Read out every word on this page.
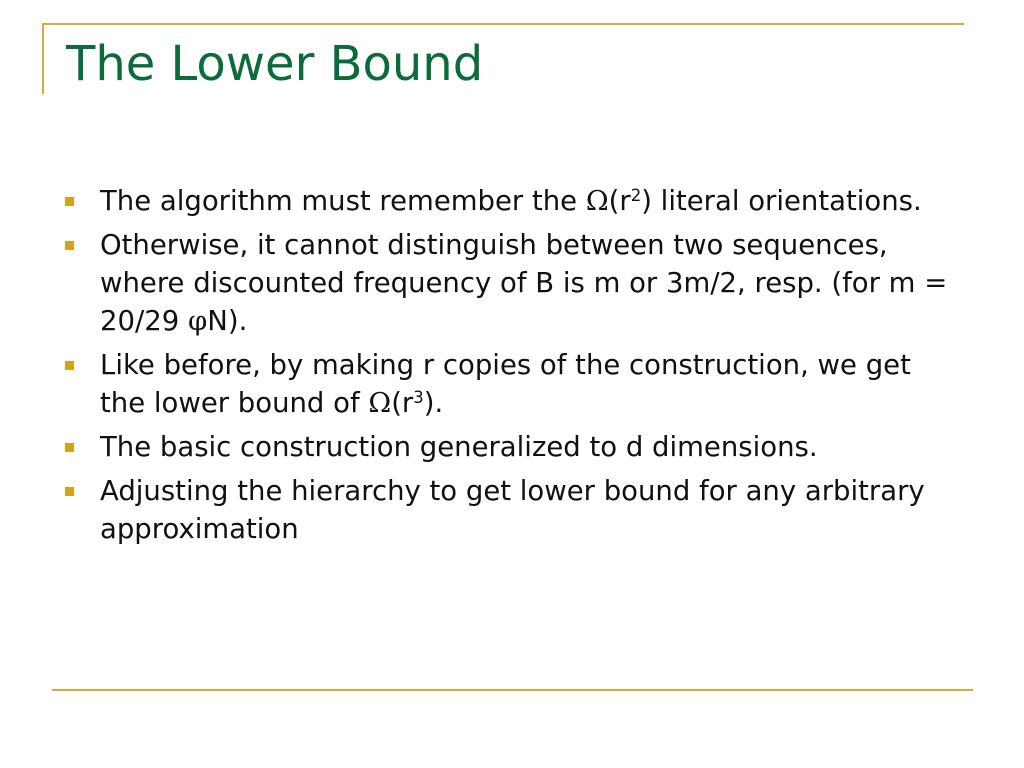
The Lower Bound
The algorithm must remember the $\Omega(r^2)$ literal orientations.
Otherwise, it cannot distinguish between two sequences, where discounted frequency of B is m or 3m/2, resp. (for m = 20/29 φN).
Like before, by making r copies of the construction, we get the lower bound of $\Omega(r^3)$.
The basic construction generalized to d dimensions.
Adjusting the hierarchy to get lower bound for any arbitrary approximation
